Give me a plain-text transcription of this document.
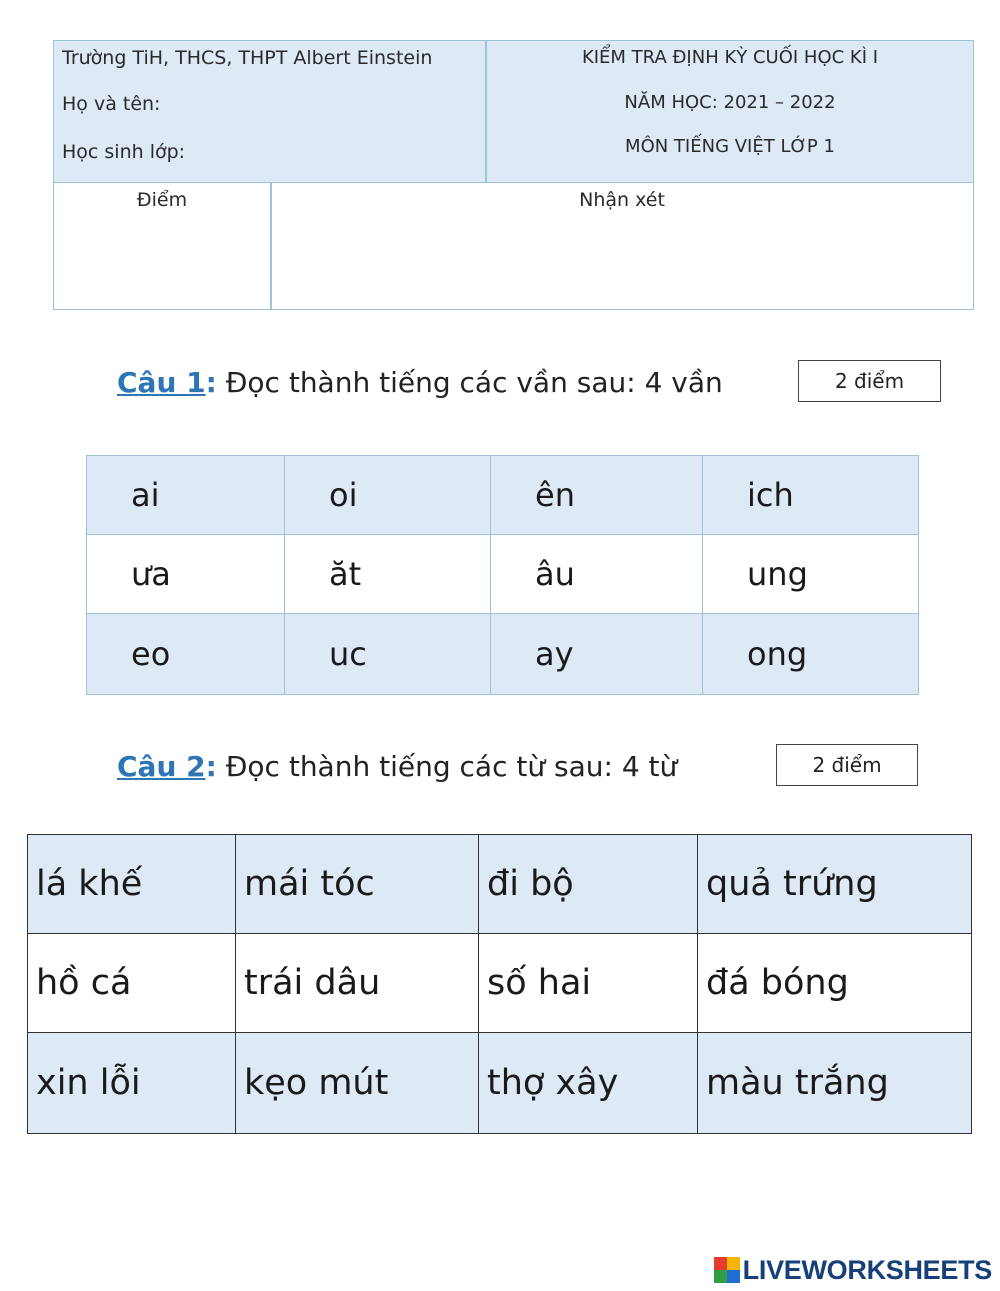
Trường TiH, THCS, THPT Albert Einstein
Họ và tên:
Học sinh lớp:
KIỂM TRA ĐỊNH KỲ CUỐI HỌC KÌ I
NĂM HỌC: 2021 – 2022
MÔN TIẾNG VIỆT LỚP 1
Điểm	Nhận xét
Câu 1: Đọc thành tiếng các vần sau: 4 vần	2 điểm
ai	oi	ên	ich
ưa	ăt	âu	ung
eo	uc	ay	ong
Câu 2: Đọc thành tiếng các từ sau: 4 từ	2 điểm
lá khế	mái tóc	đi bộ	quả trứng
hồ cá	trái dâu	số hai	đá bóng
xin lỗi	kẹo mút	thợ xây	màu trắng
LIVEWORKSHEETS
